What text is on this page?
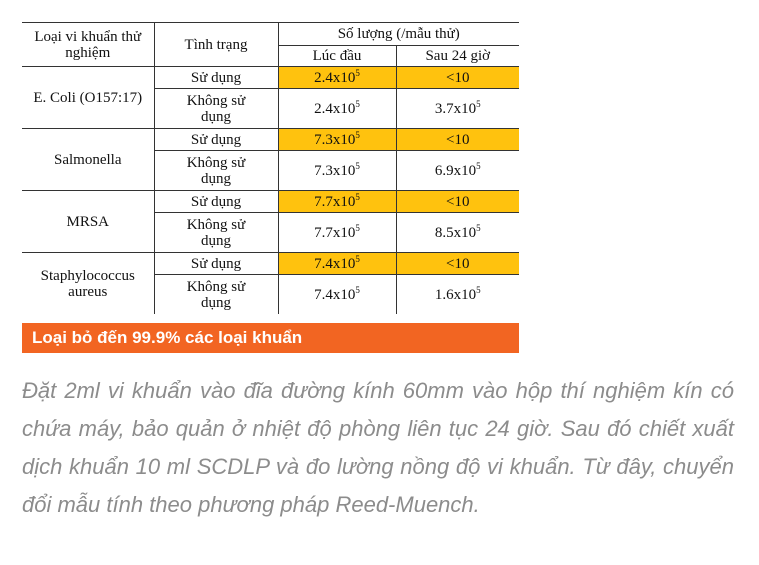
Loại vi khuẩn thử nghiệm	Tình trạng	Số lượng (/mẫu thử)	
		Lúc đầu	Sau 24 giờ
E. Coli (O157:17)	Sử dụng	$2.4x10^5$	<10
	Không sử dụng	$2.4x10^5$	$3.7x10^5$
Salmonella	Sử dụng	$7.3x10^5$	<10
	Không sử dụng	$7.3x10^5$	$6.9x10^5$
MRSA	Sử dụng	$7.7x10^5$	<10
	Không sử dụng	$7.7x10^5$	$8.5x10^5$
Staphylococcus aureus	Sử dụng	$7.4x10^5$	<10
	Không sử dụng	$7.4x10^5$	$1.6x10^5$
Loại bỏ đến 99.9% các loại khuẩn
Đặt 2ml vi khuẩn vào đĩa đường kính 60mm vào hộp thí nghiệm kín có chứa máy, bảo quản ở nhiệt độ phòng liên tục 24 giờ. Sau đó chiết xuất dịch khuẩn 10 ml SCDLP và đo lường nồng độ vi khuẩn. Từ đây, chuyển đổi mẫu tính theo phương pháp Reed-Muench.
